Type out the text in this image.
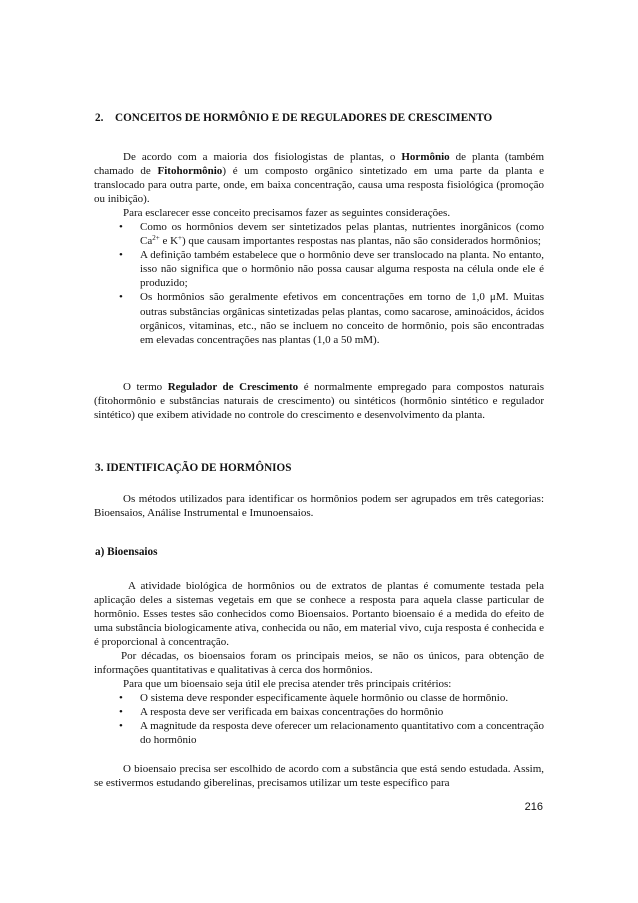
2. CONCEITOS DE HORMÔNIO E DE REGULADORES DE CRESCIMENTO
De acordo com a maioria dos fisiologistas de plantas, o Hormônio de planta (também chamado de Fitohormônio) é um composto orgânico sintetizado em uma parte da planta e translocado para outra parte, onde, em baixa concentração, causa uma resposta fisiológica (promoção ou inibição).
Para esclarecer esse conceito precisamos fazer as seguintes considerações.
• Como os hormônios devem ser sintetizados pelas plantas, nutrientes inorgânicos (como $Ca^{2+}$ e K+) que causam importantes respostas nas plantas, não são considerados hormônios;
• A definição também estabelece que o hormônio deve ser translocado na planta. No entanto, isso não significa que o hormônio não possa causar alguma resposta na célula onde ele é produzido;
• Os hormônios são geralmente efetivos em concentrações em torno de 1,0 μM. Muitas outras substâncias orgânicas sintetizadas pelas plantas, como sacarose, aminoácidos, ácidos orgânicos, vitaminas, etc., não se incluem no conceito de hormônio, pois são encontradas em elevadas concentrações nas plantas (1,0 a 50 mM).
O termo Regulador de Crescimento é normalmente empregado para compostos naturais (fitohormônio e substâncias naturais de crescimento) ou sintéticos (hormônio sintético e regulador sintético) que exibem atividade no controle do crescimento e desenvolvimento da planta.
3. IDENTIFICAÇÃO DE HORMÔNIOS
Os métodos utilizados para identificar os hormônios podem ser agrupados em três categorias: Bioensaios, Análise Instrumental e Imunoensaios.
a) Bioensaios
A atividade biológica de hormônios ou de extratos de plantas é comumente testada pela aplicação deles a sistemas vegetais em que se conhece a resposta para aquela classe particular de hormônio. Esses testes são conhecidos como Bioensaios. Portanto bioensaio é a medida do efeito de uma substância biologicamente ativa, conhecida ou não, em material vivo, cuja resposta é conhecida e é proporcional à concentração.
Por décadas, os bioensaios foram os principais meios, se não os únicos, para obtenção de informações quantitativas e qualitativas à cerca dos hormônios.
Para que um bioensaio seja útil ele precisa atender três principais critérios:
• O sistema deve responder especificamente àquele hormônio ou classe de hormônio.
• A resposta deve ser verificada em baixas concentrações do hormônio
• A magnitude da resposta deve oferecer um relacionamento quantitativo com a concentração do hormônio
O bioensaio precisa ser escolhido de acordo com a substância que está sendo estudada. Assim, se estivermos estudando giberelinas, precisamos utilizar um teste específico para
216
